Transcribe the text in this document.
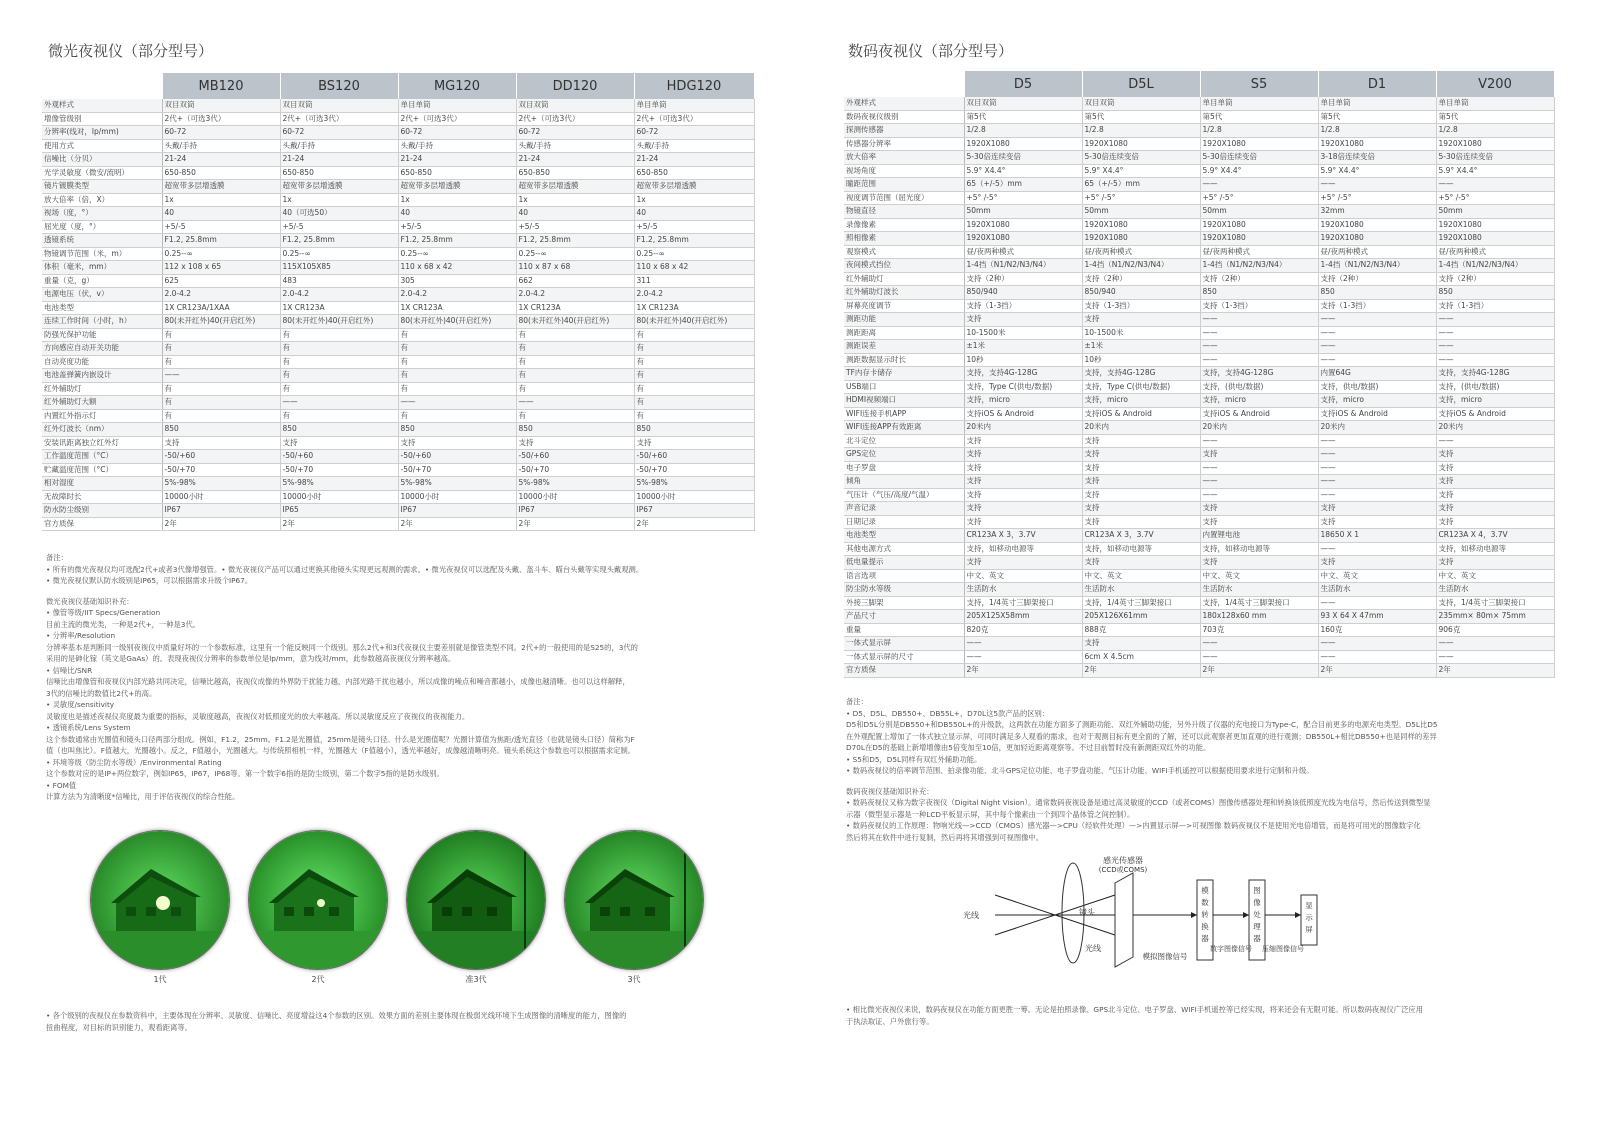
微光夜视仪（部分型号）
	MB120	BS120	MG120	DD120	HDG120
外观样式	双目双筒	双目双筒	单目单筒	双目双筒	单目单筒
增像管级别	2代+（可选3代）	2代+（可选3代）	2代+（可选3代）	2代+（可选3代）	2代+（可选3代）
分辨率(线对，lp/mm)	60-72	60-72	60-72	60-72	60-72
使用方式	头戴/手持	头戴/手持	头戴/手持	头戴/手持	头戴/手持
信噪比（分贝）	21-24	21-24	21-24	21-24	21-24
光学灵敏度（微安/流明）	650-850	650-850	650-850	650-850	650-850
镜片镀膜类型	超宽带多层增透膜	超宽带多层增透膜	超宽带多层增透膜	超宽带多层增透膜	超宽带多层增透膜
放大倍率（倍，X）	1x	1x	1x	1x	1x
视场（度，°）	40	40（可选50）	40	40	40
屈光度（度，°）	+5/-5	+5/-5	+5/-5	+5/-5	+5/-5
透镜系统	F1.2, 25.8mm	F1.2, 25.8mm	F1.2, 25.8mm	F1.2, 25.8mm	F1.2, 25.8mm
物镜调节范围（米，m）	0.25--∞	0.25--∞	0.25--∞	0.25--∞	0.25--∞
体积（毫米，mm）	112 x 108 x 65	115X105X85	110 x 68 x 42	110 x 87 x 68	110 x 68 x 42
重量（克，g）	625	483	305	662	311
电源电压（伏，v）	2.0-4.2	2.0-4.2	2.0-4.2	2.0-4.2	2.0-4.2
电池类型	1X CR123A/1XAA	1X CR123A	1X CR123A	1X CR123A	1X CR123A
连续工作时间（小时，h）	80(未开红外)40(开启红外)	80(未开红外)40(开启红外)	80(未开红外)40(开启红外)	80(未开红外)40(开启红外)	80(未开红外)40(开启红外)
防强光保护功能	有	有	有	有	有
方向感应自动开关功能	有	有	有	有	有
自动亮度功能	有	有	有	有	有
电池盖弹簧内嵌设计	——	有	有	有	有
红外辅助灯	有	有	有	有	有
红外辅助灯大额	有	——	——	——	有
内置红外指示灯	有	有	有	有	有
红外灯波长（nm）	850	850	850	850	850
安装讯距离独立红外灯	支持	支持	支持	支持	支持
工作温度范围（°C）	-50/+60	-50/+60	-50/+60	-50/+60	-50/+60
贮藏温度范围（°C）	-50/+70	-50/+70	-50/+70	-50/+70	-50/+70
相对湿度	5%-98%	5%-98%	5%-98%	5%-98%	5%-98%
无故障时长	10000小时	10000小时	10000小时	10000小时	10000小时
防水防尘级别	IP67	IP65	IP67	IP67	IP67
官方质保	2年	2年	2年	2年	2年

备注：

• 所有的微光夜视仪均可选配2代+或者3代像增强管。• 微光夜视仪产品可以通过更换其他镜头实现更远观测的需求。• 微光夜视仪可以选配及头戴、盔斗车、瞄台头戴等实现头戴观测。

• 微光夜视仪默认防水级别是IP65，可以根据需求升级个IP67。

微光夜视仪基础知识补充：

• 像管等级/IIT Specs/Generation

目前主流的微光类，一种是2代+，一种是3代。

• 分辨率/Resolution

分辨率基本是判断同一级别夜视仪中质量好坏的一个参数标准，这里有一个能反映同一个级别。那么2代+和3代夜视仪主要差别就是像管类型不同。2代+的一般使用的是S25的，3代的

采用的是砷化镓（英文是GaAs）的。表现夜视仪分辨率的参数单位是lp/mm，意为线对/mm，此参数越高夜视仪分辨率越高。

• 信噪比/SNR

信噪比由增像管和夜视仪内部光路共同决定，信噪比越高，夜视仪成像的外界防干扰能力越，内部光路干扰也越小，所以成像的噪点和噪音都越小，成像也越清晰。也可以这样解释，

3代的信噪比的数值比2代+的高。

• 灵敏度/sensitivity

灵敏度也是描述夜视仪亮度最为重要的指标，灵敏度越高，夜视仪对低照度光的放大率越高。所以灵敏度反应了夜视仪的夜视能力。

• 透镜系统/Lens System

这个参数通常由光圈值和镜头口径两部分组成。例如，F1.2，25mm。F1.2是光圈值，25mm是镜头口径。什么是光圈值呢？光圈计算值为焦距/透光直径（也就是镜头口径）简称为F

值（也叫焦比）。F值越大，光圈越小。反之，F值越小，光圈越大。与传统照相机一样，光圈越大（F值越小），透光率越好，成像越清晰明亮。镜头系统这个参数也可以根据需求定制。

• 环境等级（防尘防水等级）/Environmental Rating

这个参数对应的是IP+两位数字，例如IP65，IP67，IP68等。第一个数字6指的是防尘级别，第二个数字5指的是防水级别。

• FOM值

计算方法为为清晰度*信噪比，用于评估夜视仪的综合性能。

1代	2代	准3代	3代

• 各个级别的夜视仪在参数资料中，主要体现在分辨率、灵敏度、信噪比、亮度增益这4个参数的区别。效果方面的差别主要体现在极弱光线环境下生成图像的清晰度的能力，图像的

扭曲程度，对目标的识别能力，观看距离等。

数码夜视仪（部分型号）
	D5	D5L	S5	D1	V200
外观样式	双目双筒	双目双筒	单目单筒	单目单筒	单目单筒
数码夜视仪级别	第5代	第5代	第5代	第5代	第5代
探测传感器	1/2.8	1/2.8	1/2.8	1/2.8	1/2.8
传感器分辨率	1920X1080	1920X1080	1920X1080	1920X1080	1920X1080
放大倍率	5-30倍连续变倍	5-30倍连续变倍	5-30倍连续变倍	3-18倍连续变倍	5-30倍连续变倍
视场角度	5.9° X4.4°	5.9° X4.4°	5.9° X4.4°	5.9° X4.4°	5.9° X4.4°
瞳距范围	65（+/-5）mm	65（+/-5）mm	——	——	——
视度调节范围（屈光度）	+5° /-5°	+5° /-5°	+5° /-5°	+5° /-5°	+5° /-5°
物镜直径	50mm	50mm	50mm	32mm	50mm
录像像素	1920X1080	1920X1080	1920X1080	1920X1080	1920X1080
照相像素	1920X1080	1920X1080	1920X1080	1920X1080	1920X1080
观察模式	昼/夜两种模式	昼/夜两种模式	昼/夜两种模式	昼/夜两种模式	昼/夜两种模式
夜间模式挡位	1-4挡（N1/N2/N3/N4）	1-4挡（N1/N2/N3/N4）	1-4挡（N1/N2/N3/N4）	1-4挡（N1/N2/N3/N4）	1-4挡（N1/N2/N3/N4）
红外辅助灯	支持（2种）	支持（2种）	支持（2种）	支持（2种）	支持（2种）
红外辅助灯波长	850/940	850/940	850	850	850
屏幕亮度调节	支持（1-3挡）	支持（1-3挡）	支持（1-3挡）	支持（1-3挡）	支持（1-3挡）
测距功能	支持	支持	——	——	——
测距距离	10-1500米	10-1500米	——	——	——
测距误差	±1米	±1米	——	——	——
测距数据显示时长	10秒	10秒	——	——	——
TF内存卡储存	支持，支持4G-128G	支持，支持4G-128G	支持，支持4G-128G	内置64G	支持，支持4G-128G
USB端口	支持，Type C(供电/数据)	支持，Type C(供电/数据)	支持，(供电/数据)	支持，供电/数据)	支持，(供电/数据)
HDMI视频端口	支持，micro	支持，micro	支持，micro	支持，micro	支持，micro
WIFI连接手机APP	支持iOS & Android	支持iOS & Android	支持iOS & Android	支持iOS & Android	支持iOS & Android
WIFI连接APP有效距离	20米内	20米内	20米内	20米内	20米内
北斗定位	支持	支持	——	——	——
GPS定位	支持	支持	支持	——	支持
电子罗盘	支持	支持	——	——	支持
倾角	支持	支持	——	——	支持
气压计（气压/高度/气温）	支持	支持	——	——	支持
声音记录	支持	支持	支持	支持	支持
日期记录	支持	支持	支持	支持	支持
电池类型	CR123A X 3，3.7V	CR123A X 3，3.7V	内置锂电池	18650 X 1	CR123A X 4，3.7V
其他电源方式	支持，如移动电源等	支持，如移动电源等	支持，如移动电源等	——	支持，如移动电源等
低电量提示	支持	支持	支持	支持	支持
语言选项	中文、英文	中文、英文	中文、英文	中文、英文	中文、英文
防尘防水等级	生活防水	生活防水	生活防水	生活防水	生活防水
外接三脚架	支持，1/4英寸三脚架接口	支持，1/4英寸三脚架接口	支持，1/4英寸三脚架接口	——	支持，1/4英寸三脚架接口
产品尺寸	205X125X58mm	205X126X61mm	180x128x60 mm	93 X 64 X 47mm	235mm× 80m× 75mm
重量	820克	888克	703克	160克	906克
一体式显示屏	——	支持	——	——	——
一体式显示屏的尺寸	——	6cm X 4.5cm	——	——	——
官方质保	2年	2年	2年	2年	2年

备注：

• D5、D5L、DB550+、DB55L+、D70L这5款产品的区别：

D5和D5L分别是DB550+和DB550L+的升级款，这两款在功能方面多了测距功能、双红外辅助功能，另外升级了仪器的充电接口为Type-C，配合目前更多的电源充电类型。D5L比D5

在外观配置上增加了一体式独立显示屏，可同时满足多人观看的需求，也对于观测目标有更全面的了解，还可以此观察者更加直观的进行观测；DB550L+相比DB550+也是同样的差异

D70L在D5的基础上新增增像由5倍变加至10倍，更加轻近距离观察等。不过目前暂时没有新测距双红外的功能。

• S5和D5，D5L同样有双红外辅助功能。

• 数码夜视仪的倍率调节范围、拍录像功能、北斗GPS定位功能、电子罗盘功能、气压计功能、WIFI手机遥控可以根据使用要求进行定制和升级。

数码夜视仪基础知识补充：

• 数码夜视仪又称为数字夜视仪（Digital Night Vision）。通常数码夜视设备是通过高灵敏度的CCD（或者COMS）图像传感器处理和转换该低照度光线为电信号，然后传送到微型显

示器（微型显示器是一种LCD平板显示屏，其中每个像素由一个到四个晶体管之间控制）。

• 数码夜视仪的工作原理：物响光线—>CCD（CMOS）感光器—>CPU（经软件处理）—>内置显示屏—>可视图像 数码夜视仪不是使用光电倍增管，而是将可用光的图像数字化

然后将其在软件中进行复制，然后再将其增强到可视图像中。

• 相比微光夜视仪来说，数码夜视仪在功能方面更胜一筹。无论是拍照录像、GPS北斗定位、电子罗盘、WIFI手机遥控等已经实现，将来还会有无限可能。所以数码夜视仪广泛应用

于执法取证、户外旅行等。

感光传感器
(CCD或COMS)
镜头
光线
光线
模拟图像信号
数字图像信号 压缩图像信号
模数转换器
图像处理器
显示屏
